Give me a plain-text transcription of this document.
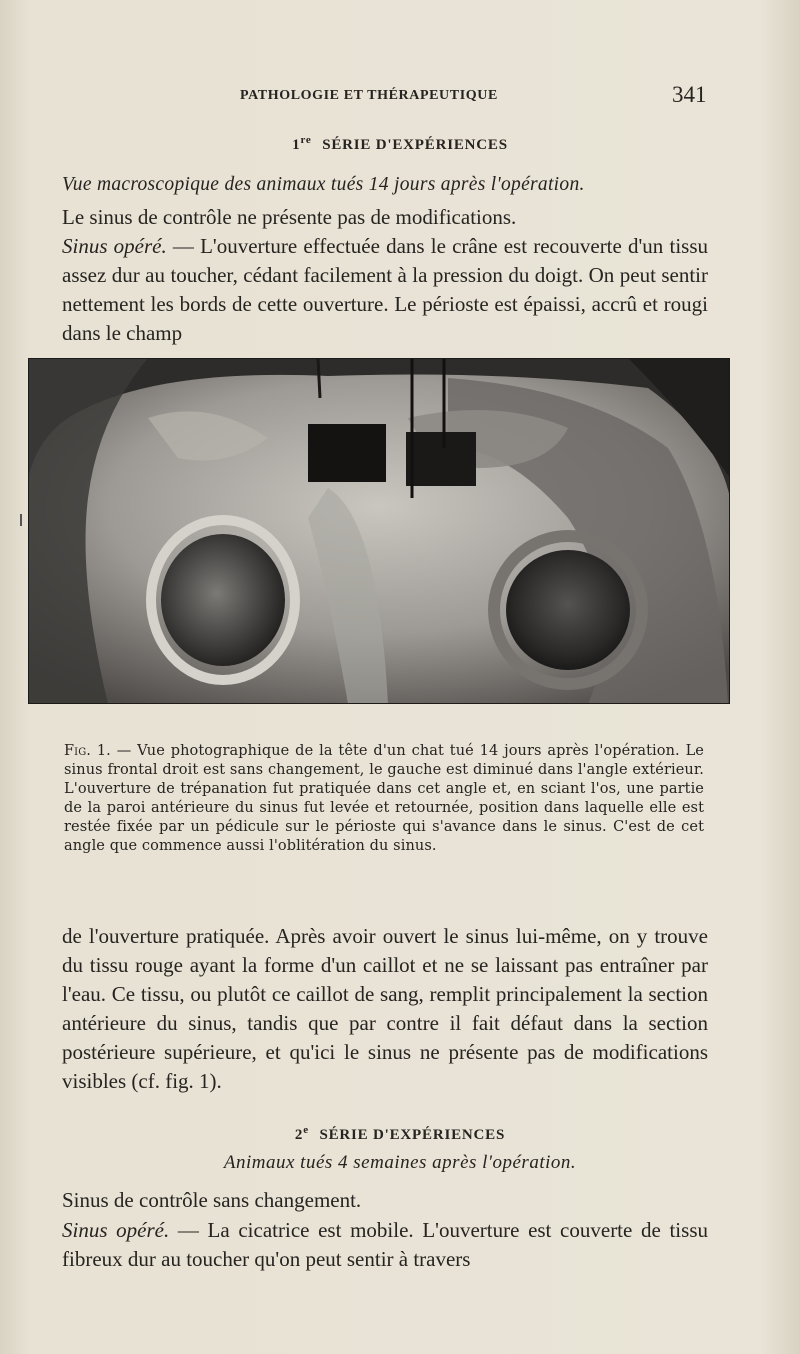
PATHOLOGIE ET THÉRAPEUTIQUE	341
1re SÉRIE D'EXPÉRIENCES
Vue macroscopique des animaux tués 14 jours après l'opération.
Le sinus de contrôle ne présente pas de modifications.
Sinus opéré. — L'ouverture effectuée dans le crâne est recouverte d'un tissu assez dur au toucher, cédant facilement à la pression du doigt. On peut sentir nettement les bords de cette ouverture. Le périoste est épaissi, accrû et rougi dans le champ
Fig. 1. — Vue photographique de la tête d'un chat tué 14 jours après l'opération. Le sinus frontal droit est sans changement, le gauche est diminué dans l'angle extérieur. L'ouverture de trépanation fut pratiquée dans cet angle et, en sciant l'os, une partie de la paroi antérieure du sinus fut levée et retournée, position dans laquelle elle est restée fixée par un pédicule sur le périoste qui s'avance dans le sinus. C'est de cet angle que commence aussi l'oblitération du sinus.
de l'ouverture pratiquée. Après avoir ouvert le sinus lui-même, on y trouve du tissu rouge ayant la forme d'un caillot et ne se laissant pas entraîner par l'eau. Ce tissu, ou plutôt ce caillot de sang, remplit principalement la section antérieure du sinus, tandis que par contre il fait défaut dans la section postérieure supérieure, et qu'ici le sinus ne présente pas de modifications visibles (cf. fig. 1).
2e SÉRIE D'EXPÉRIENCES
Animaux tués 4 semaines après l'opération.
Sinus de contrôle sans changement.
Sinus opéré. — La cicatrice est mobile. L'ouverture est couverte de tissu fibreux dur au toucher qu'on peut sentir à travers
